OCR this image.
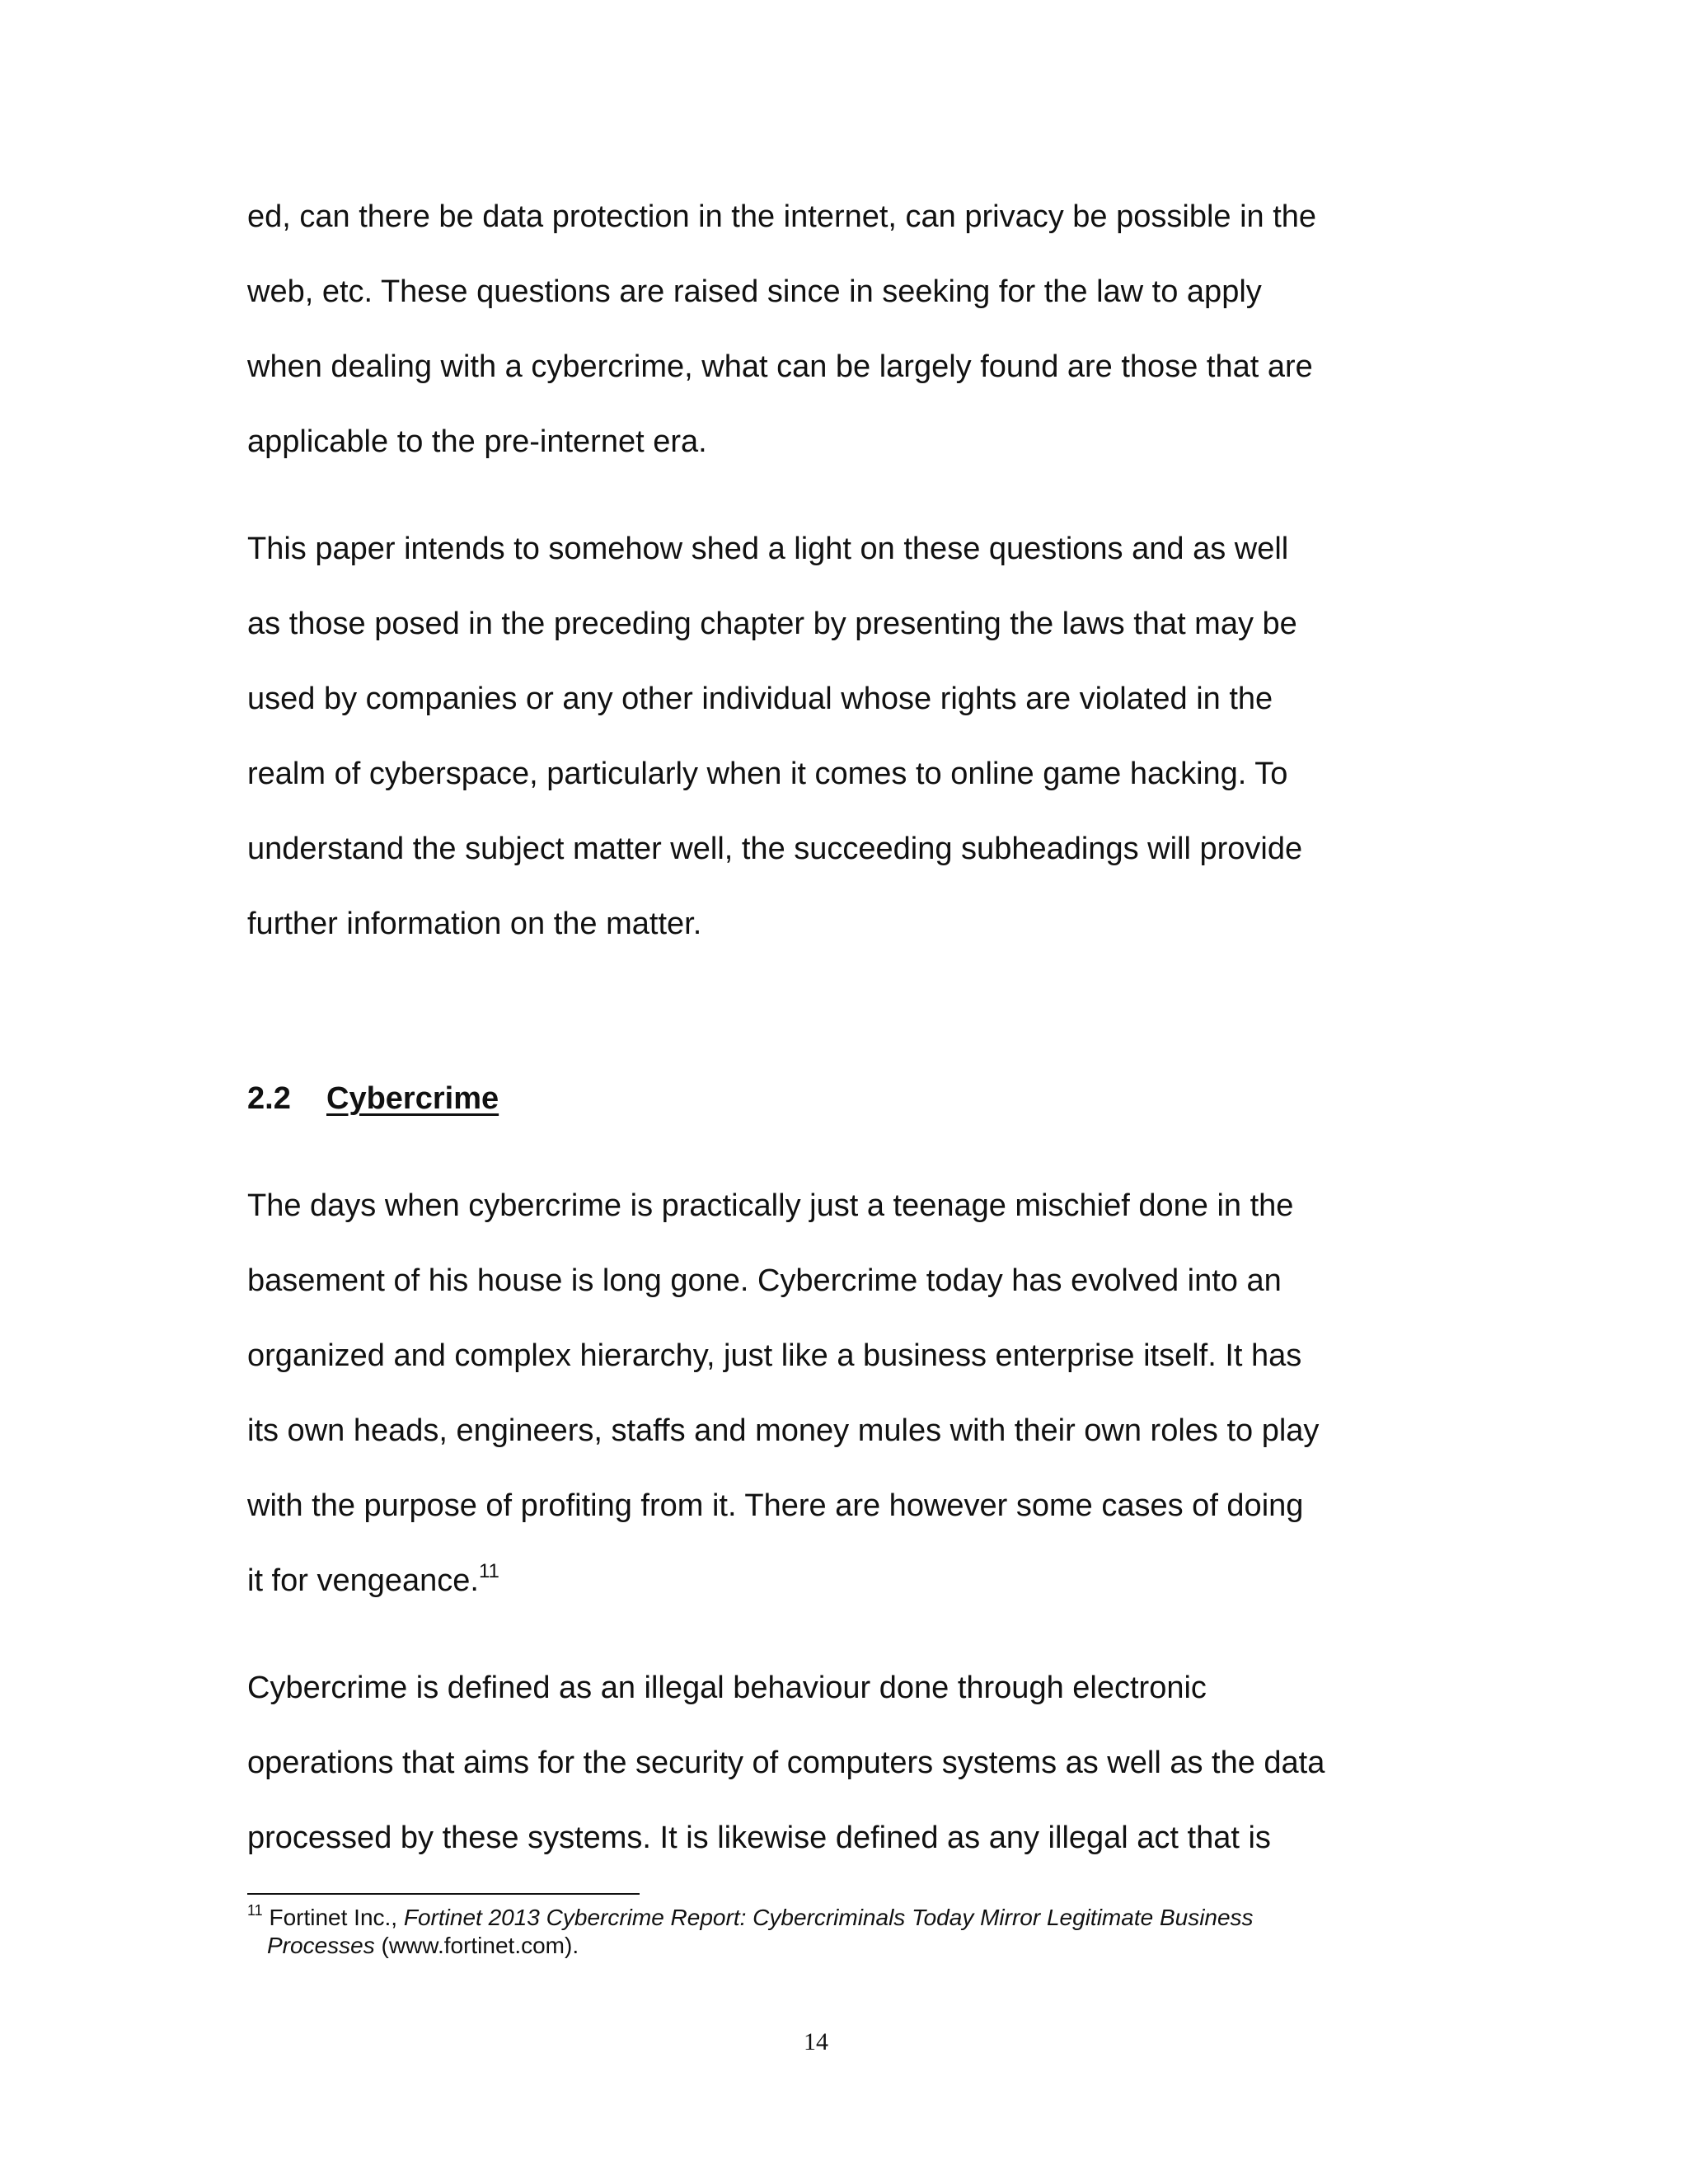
ed, can there be data protection in the internet, can privacy be possible in the
web, etc. These questions are raised since in seeking for the law to apply
when dealing with a cybercrime, what can be largely found are those that are
applicable to the pre-internet era.
This paper intends to somehow shed a light on these questions and as well
as those posed in the preceding chapter by presenting the laws that may be
used by companies or any other individual whose rights are violated in the
realm of cyberspace, particularly when it comes to online game hacking. To
understand the subject matter well, the succeeding subheadings will provide
further information on the matter.
2.2 Cybercrime
The days when cybercrime is practically just a teenage mischief done in the
basement of his house is long gone. Cybercrime today has evolved into an
organized and complex hierarchy, just like a business enterprise itself. It has
its own heads, engineers, staffs and money mules with their own roles to play
with the purpose of profiting from it. There are however some cases of doing
it for vengeance.$^{11}$
Cybercrime is defined as an illegal behaviour done through electronic
operations that aims for the security of computers systems as well as the data
processed by these systems. It is likewise defined as any illegal act that is
$^{11}$ Fortinet Inc., Fortinet 2013 Cybercrime Report: Cybercriminals Today Mirror Legitimate Business
Processes (www.fortinet.com).
14
